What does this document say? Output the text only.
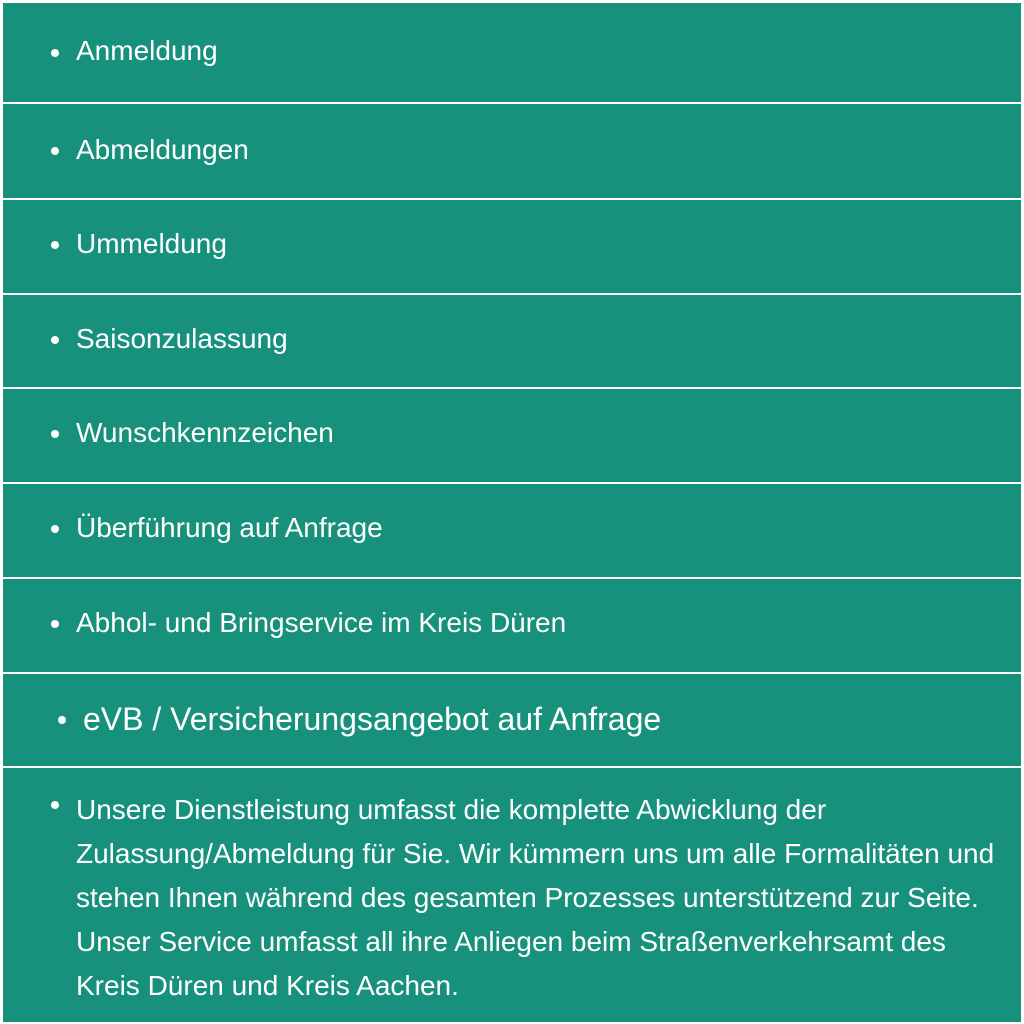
Anmeldung
Abmeldungen
Ummeldung
Saisonzulassung
Wunschkennzeichen
Überführung auf Anfrage
Abhol- und Bringservice im Kreis Düren
eVB / Versicherungsangebot auf Anfrage
Unsere Dienstleistung umfasst die komplette Abwicklung der Zulassung/Abmeldung für Sie. Wir kümmern uns um alle Formalitäten und stehen Ihnen während des gesamten Prozesses unterstützend zur Seite. Unser Service umfasst all ihre Anliegen beim Straßenverkehrsamt des Kreis Düren und Kreis Aachen.
